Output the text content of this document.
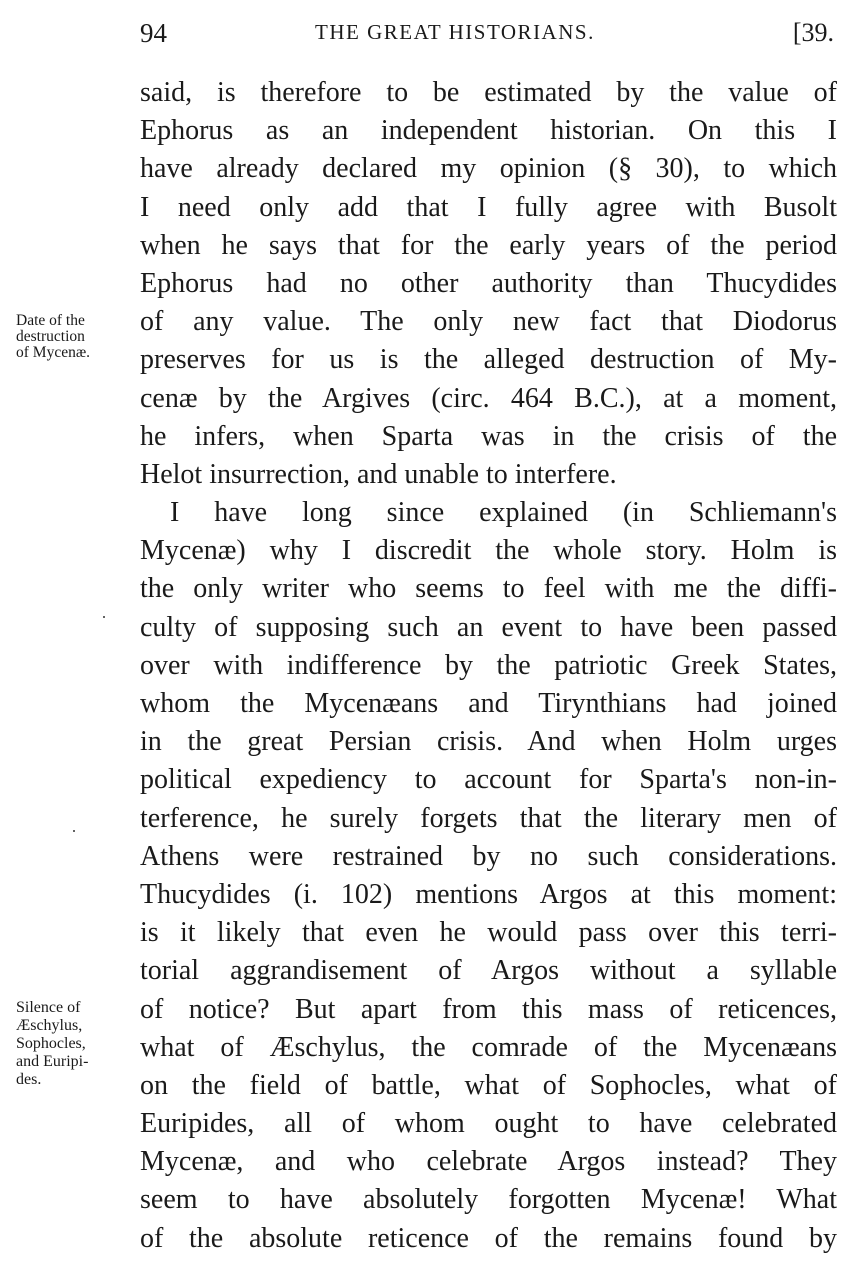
94	THE GREAT HISTORIANS.	[39.
Date of the
destruction
of Mycenæ.
Silence of
Æschylus,
Sophocles,
and Euripi-
des.
said, is therefore to be estimated by the value of
Ephorus as an independent historian. On this I
have already declared my opinion (§ 30), to which
I need only add that I fully agree with Busolt
when he says that for the early years of the period
Ephorus had no other authority than Thucydides
of any value. The only new fact that Diodorus
preserves for us is the alleged destruction of My-
cenæ by the Argives (circ. 464 B.C.), at a moment,
he infers, when Sparta was in the crisis of the
Helot insurrection, and unable to interfere.
I have long since explained (in Schliemann's
Mycenæ) why I discredit the whole story. Holm is
the only writer who seems to feel with me the diffi-
culty of supposing such an event to have been passed
over with indifference by the patriotic Greek States,
whom the Mycenæans and Tirynthians had joined
in the great Persian crisis. And when Holm urges
political expediency to account for Sparta's non-in-
terference, he surely forgets that the literary men of
Athens were restrained by no such considerations.
Thucydides (i. 102) mentions Argos at this moment:
is it likely that even he would pass over this terri-
torial aggrandisement of Argos without a syllable
of notice? But apart from this mass of reticences,
what of Æschylus, the comrade of the Mycenæans
on the field of battle, what of Sophocles, what of
Euripides, all of whom ought to have celebrated
Mycenæ, and who celebrate Argos instead? They
seem to have absolutely forgotten Mycenæ! What
of the absolute reticence of the remains found by
